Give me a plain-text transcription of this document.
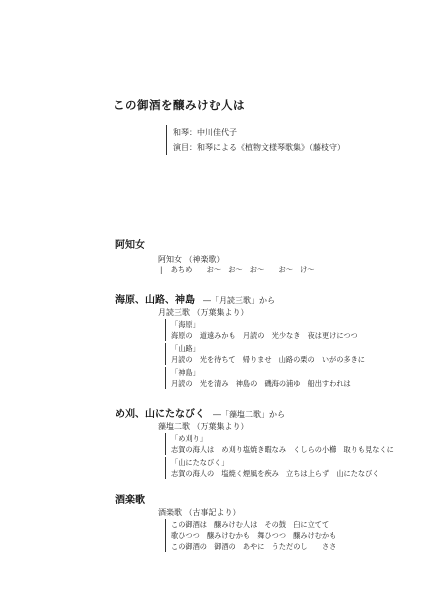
この御酒を醸みけむ人は
和琴：中川佳代子
演目：和琴による《植物文様琴歌集》（藤枝守）
阿知女
阿知女 （神楽歌）
| あちめ　　お～　お～　お～　　お～　け～
海原、山路、神島 ―「月読三歌」から
月読三歌 （万葉集より）
「海原」
海原の　道遠みかも　月読の　光少なき　夜は更けにつつ
「山路」
月読の　光を待ちて　帰りませ　山路の栗の　いがの多きに
「神島」
月読の　光を清み　神島の　磯海の浦ゆ　船出すわれは
め刈、山にたなびく ―「藻塩二歌」から
藻塩二歌 （万葉集より）
「め刈り」
志賀の海人は　め刈り塩焼き暇なみ　くしらの小櫛　取りも見なくに
「山にたなびく」
志賀の海人の　塩焼く煙風を疾み　立ちは上らず　山にたなびく
酒楽歌
酒楽歌 （古事記より）
この御酒は　醸みけむ人は　その鼓　臼に立てて
歌ひつつ　醸みけむかも　舞ひつつ　醸みけむかも
この御酒の　御酒の　あやに　うただのし　　ささ
